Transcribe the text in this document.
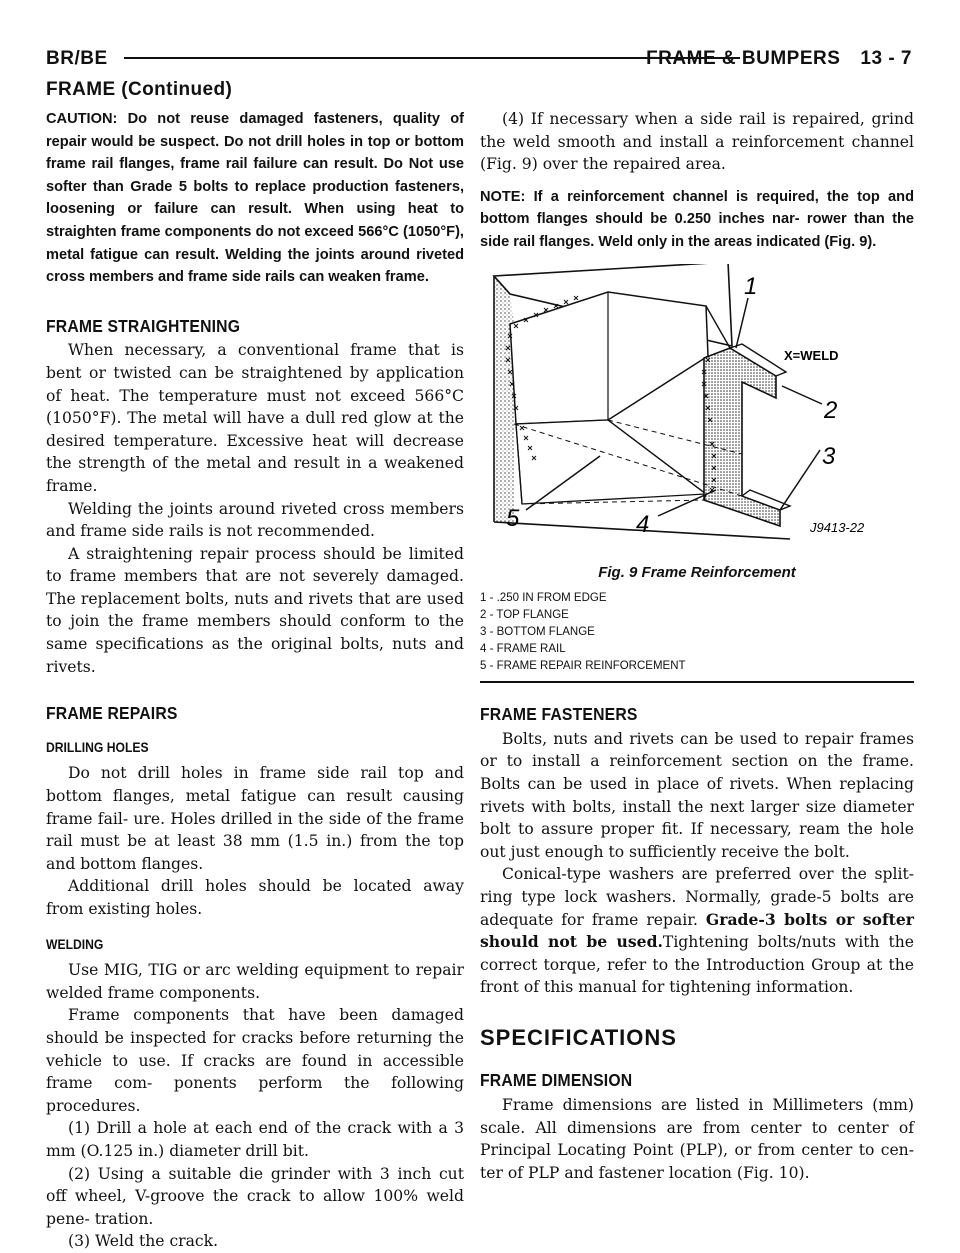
BR/BE	FRAME & BUMPERS 13 - 7
FRAME (Continued)

CAUTION: Do not reuse damaged fasteners, quality of repair would be suspect. Do not drill holes in top or bottom frame rail flanges, frame rail failure can result. Do Not use softer than Grade 5 bolts to replace production fasteners, loosening or failure can result. When using heat to straighten frame components do not exceed 566°C (1050°F), metal fatigue can result. Welding the joints around riveted cross members and frame side rails can weaken frame.

FRAME STRAIGHTENING

When necessary, a conventional frame that is bent or twisted can be straightened by application of heat. The temperature must not exceed 566°C (1050°F). The metal will have a dull red glow at the desired temperature. Excessive heat will decrease the strength of the metal and result in a weakened frame.

Welding the joints around riveted cross members and frame side rails is not recommended.

A straightening repair process should be limited to frame members that are not severely damaged. The replacement bolts, nuts and rivets that are used to join the frame members should conform to the same specifications as the original bolts, nuts and rivets.

FRAME REPAIRS
DRILLING HOLES

Do not drill holes in frame side rail top and bottom flanges, metal fatigue can result causing frame fail- ure. Holes drilled in the side of the frame rail must be at least 38 mm (1.5 in.) from the top and bottom flanges.

Additional drill holes should be located away from existing holes.

WELDING

Use MIG, TIG or arc welding equipment to repair welded frame components.

Frame components that have been damaged should be inspected for cracks before returning the vehicle to use. If cracks are found in accessible frame com- ponents perform the following procedures.

(1) Drill a hole at each end of the crack with a 3 mm (O.125 in.) diameter drill bit.

(2) Using a suitable die grinder with 3 inch cut off wheel, V-groove the crack to allow 100% weld pene- tration.

(3) Weld the crack.

(4) If necessary when a side rail is repaired, grind the weld smooth and install a reinforcement channel (Fig. 9) over the repaired area.

NOTE: If a reinforcement channel is required, the top and bottom flanges should be 0.250 inches nar- rower than the side rail flanges. Weld only in the areas indicated (Fig. 9).

1
2
3
4
5
X=WELD
J9413-22
Fig. 9 Frame Reinforcement
1 - .250 IN FROM EDGE
2 - TOP FLANGE
3 - BOTTOM FLANGE
4 - FRAME RAIL
5 - FRAME REPAIR REINFORCEMENT
FRAME FASTENERS

Bolts, nuts and rivets can be used to repair frames or to install a reinforcement section on the frame. Bolts can be used in place of rivets. When replacing rivets with bolts, install the next larger size diameter bolt to assure proper fit. If necessary, ream the hole out just enough to sufficiently receive the bolt.

Conical-type washers are preferred over the split- ring type lock washers. Normally, grade-5 bolts are adequate for frame repair. Grade-3 bolts or softer should not be used.Tightening bolts/nuts with the correct torque, refer to the Introduction Group at the front of this manual for tightening information.

SPECIFICATIONS
FRAME DIMENSION

Frame dimensions are listed in Millimeters (mm) scale. All dimensions are from center to center of Principal Locating Point (PLP), or from center to cen- ter of PLP and fastener location (Fig. 10).
